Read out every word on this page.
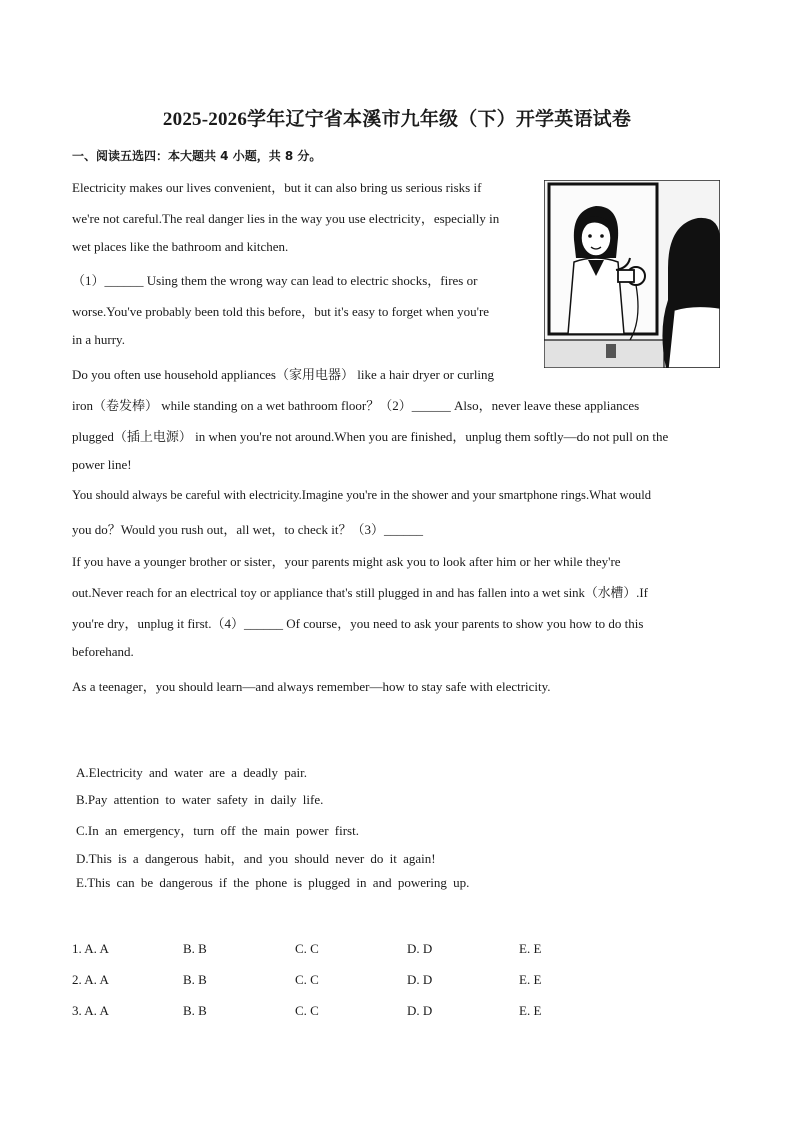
2025-2026学年辽宁省本溪市九年级（下）开学英语试卷
一、阅读五选四：本大题共 4 小题，共 8 分。
Electricity makes our lives convenient，but it can also bring us serious risks if
we're not careful.The real danger lies in the way you use electricity，especially in
wet places like the bathroom and kitchen.
（1）______ Using them the wrong way can lead to electric shocks，fires or
worse.You've probably been told this before，but it's easy to forget when you're
in a hurry.
Do you often use household appliances（家用电器） like a hair dryer or curling
iron（卷发棒） while standing on a wet bathroom floor？（2）______ Also，never leave these appliances
plugged（插上电源） in when you're not around.When you are finished，unplug them softly—do not pull on the
power line!
You should always be careful with electricity.Imagine you're in the shower and your smartphone rings.What would
you do？Would you rush out，all wet，to check it？（3）______
If you have a younger brother or sister，your parents might ask you to look after him or her while they're
out.Never reach for an electrical toy or appliance that's still plugged in and has fallen into a wet sink（水槽）.If
you're dry，unplug it first.（4）______ Of course，you need to ask your parents to show you how to do this
beforehand.
As a teenager，you should learn—and always remember—how to stay safe with electricity.
A.Electricity and water are a deadly pair.
B.Pay attention to water safety in daily life.
C.In an emergency，turn off the main power first.
D.This is a dangerous habit，and you should never do it again!
E.This can be dangerous if the phone is plugged in and powering up.
1. A. A	B. B	C. C	D. D	E. E
2. A. A	B. B	C. C	D. D	E. E
3. A. A	B. B	C. C	D. D	E. E
